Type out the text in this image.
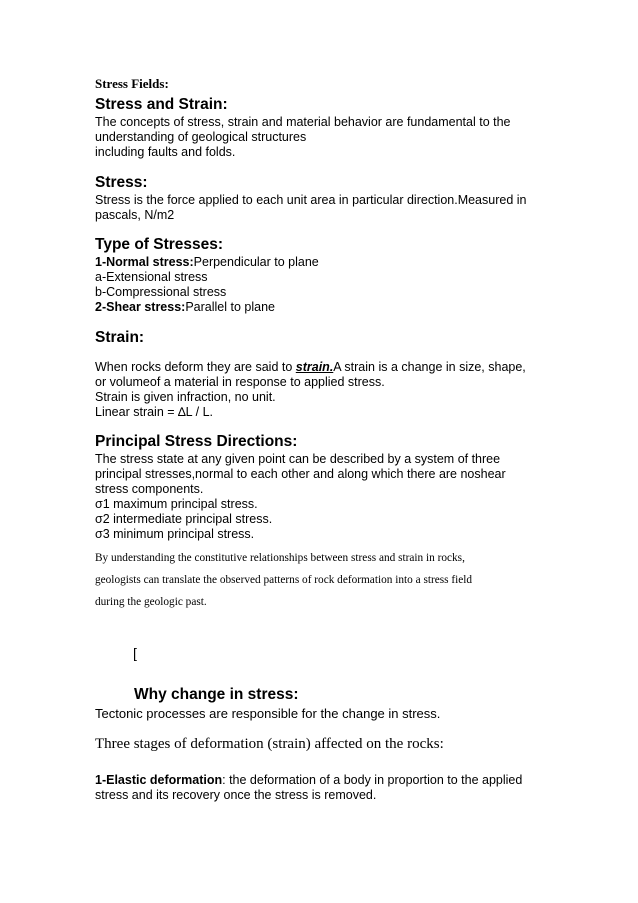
Stress Fields:
Stress and Strain:
The concepts of stress, strain and material behavior are fundamental to the
understanding of geological structures
including faults and folds.
Stress:
Stress is the force applied to each unit area in particular direction.Measured in
pascals, N/m2
Type of Stresses:
1-Normal stress:Perpendicular to plane
a-Extensional stress
b-Compressional stress
2-Shear stress:Parallel to plane
Strain:
When rocks deform they are said to strain.A strain is a change in size, shape,
or volumeof a material in response to applied stress.
Strain is given infraction, no unit.
Linear strain = ∆L / L.
Principal Stress Directions:
The stress state at any given point can be described by a system of three
principal stresses,normal to each other and along which there are noshear
stress components.
σ1 maximum principal stress.
σ2 intermediate principal stress.
σ3 minimum principal stress.
By understanding the constitutive relationships between stress and strain in rocks,
geologists can translate the observed patterns of rock deformation into a stress field
during the geologic past.
[
Why change in stress:
Tectonic processes are responsible for the change in stress.
Three stages of deformation (strain) affected on the rocks:
1-Elastic deformation: the deformation of a body in proportion to the applied
stress and its recovery once the stress is removed.
